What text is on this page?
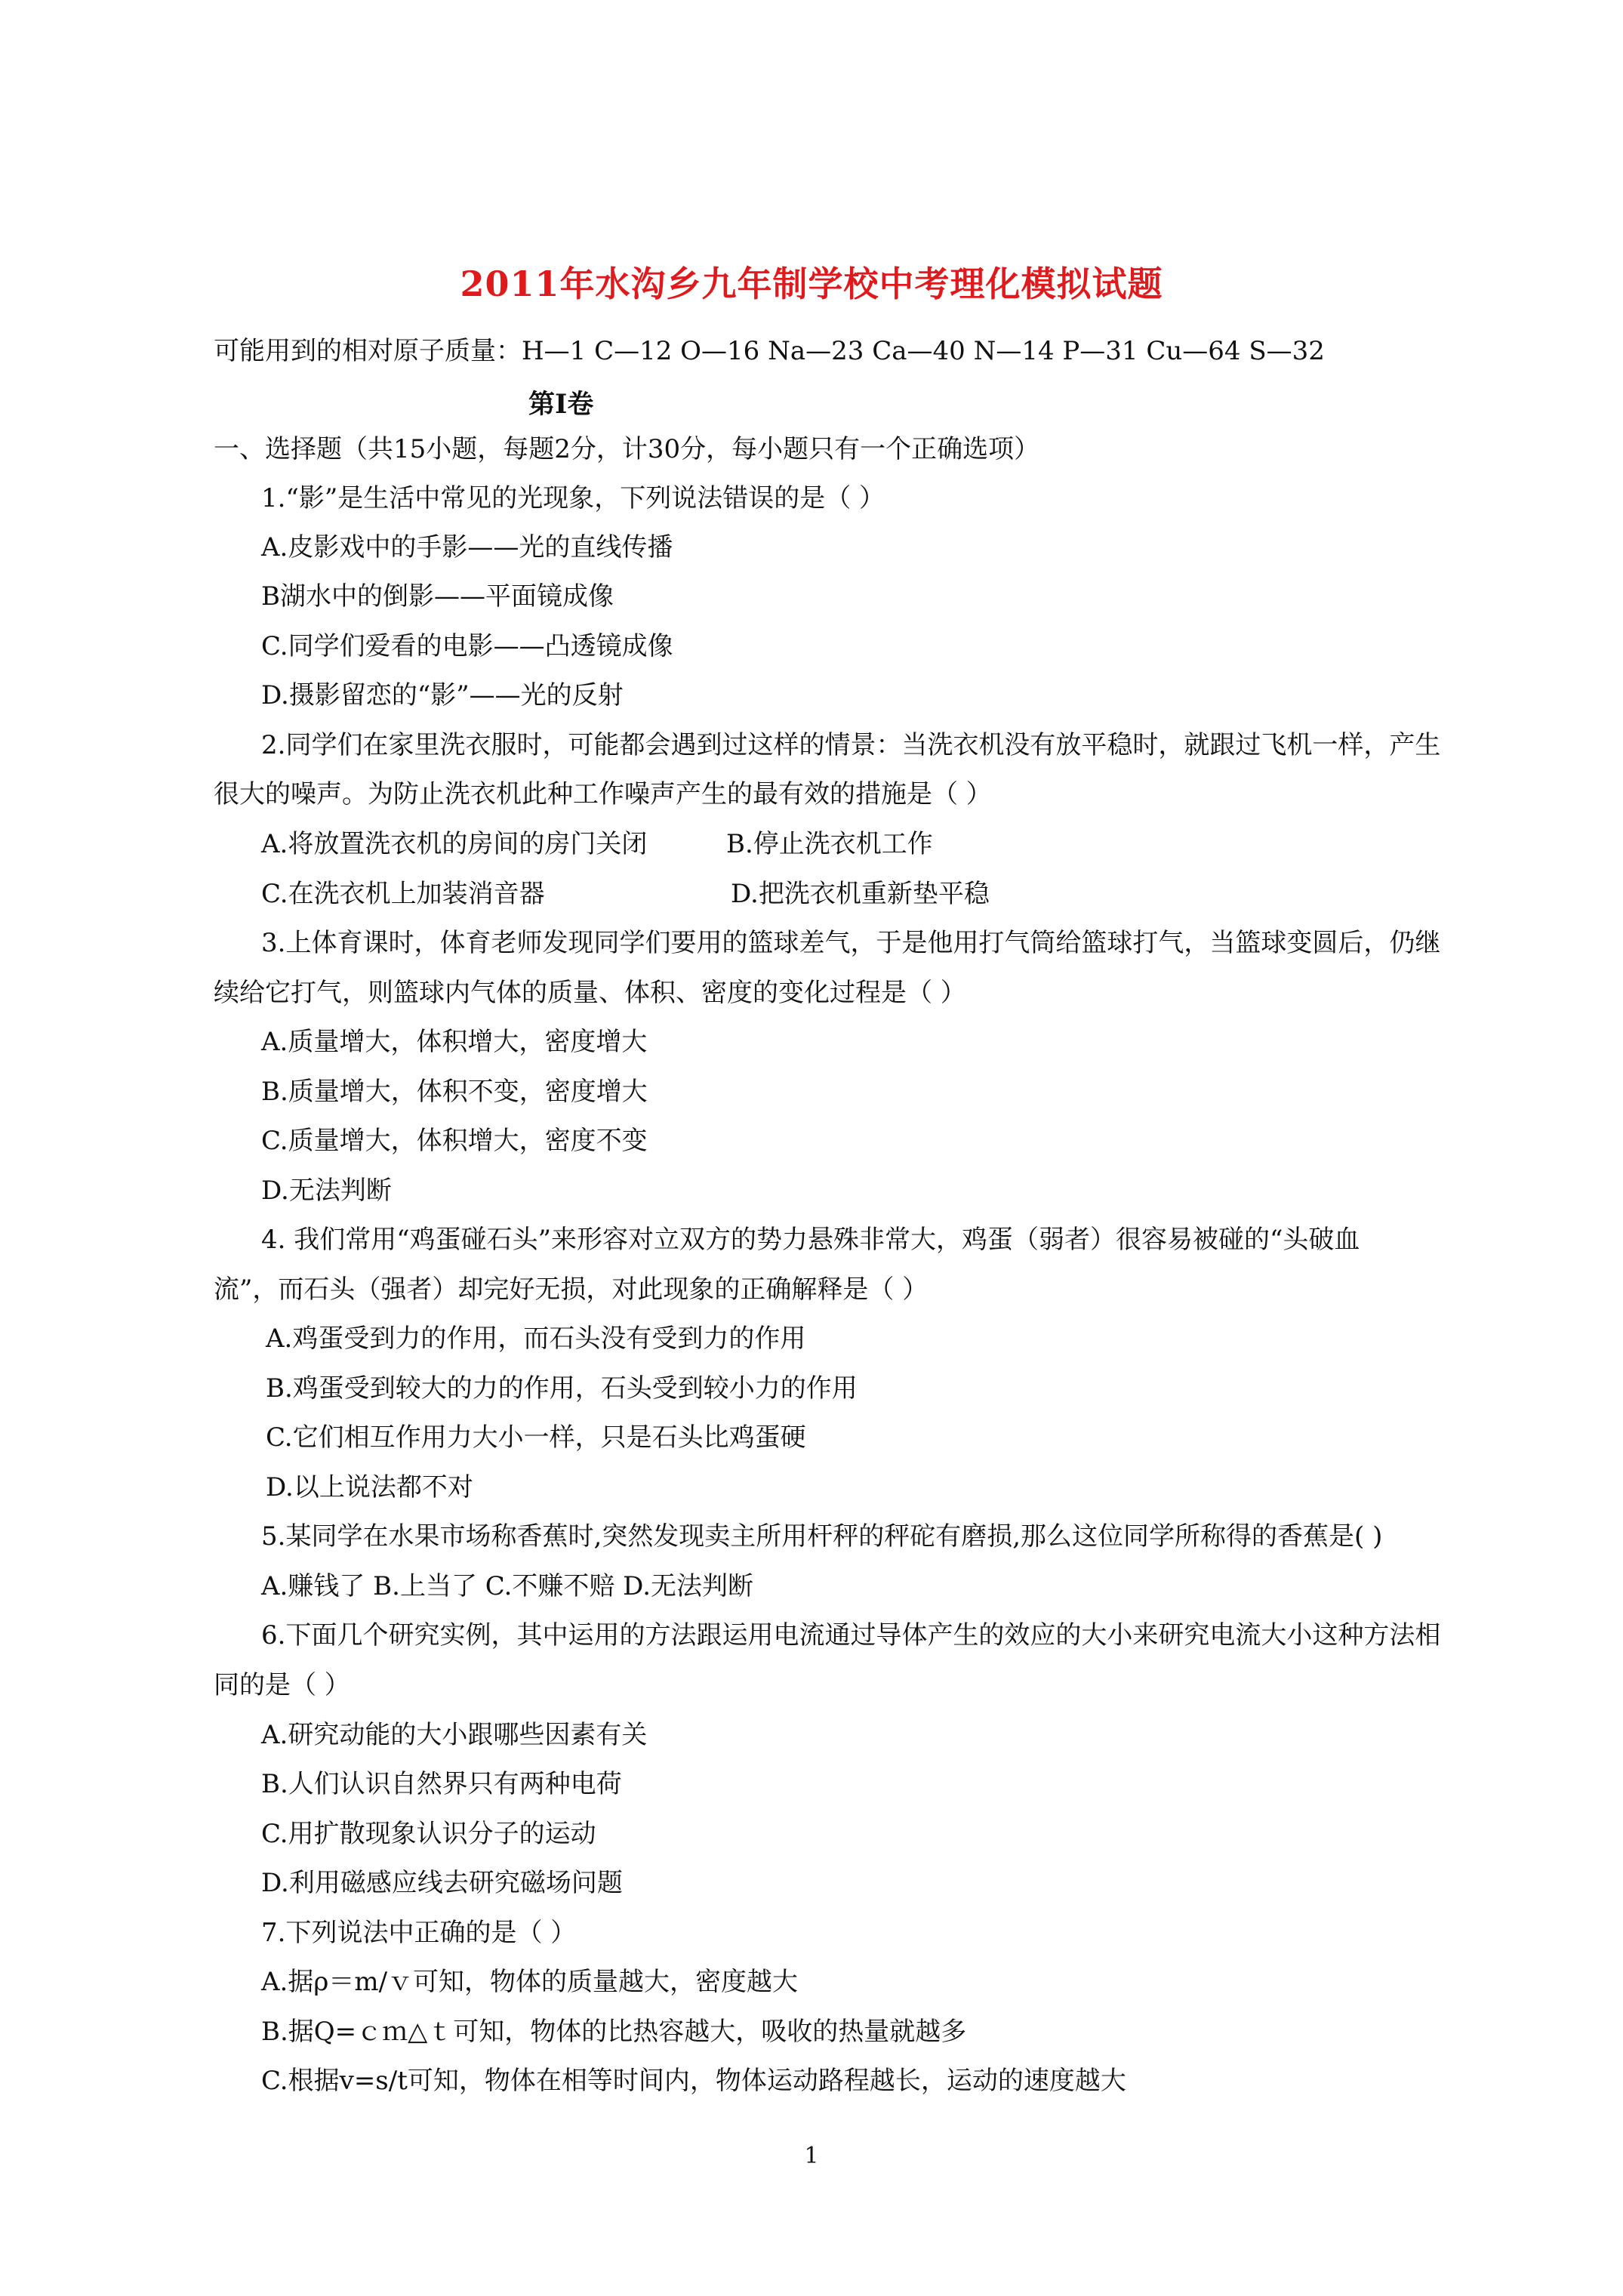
2011年水沟乡九年制学校中考理化模拟试题
可能用到的相对原子质量：H—1 C—12 O—16 Na—23 Ca—40 N—14 P—31 Cu—64 S—32
第Ⅰ卷
一、选择题（共15小题，每题2分，计30分，每小题只有一个正确选项）
1.“影”是生活中常见的光现象，下列说法错误的是（ ）
A.皮影戏中的手影——光的直线传播
B湖水中的倒影——平面镜成像
C.同学们爱看的电影——凸透镜成像
D.摄影留恋的“影”——光的反射
2.同学们在家里洗衣服时，可能都会遇到过这样的情景：当洗衣机没有放平稳时，就跟过飞机一样，产生
很大的噪声。为防止洗衣机此种工作噪声产生的最有效的措施是（ ）
A.将放置洗衣机的房间的房门关闭	B.停止洗衣机工作
C.在洗衣机上加装消音器	D.把洗衣机重新垫平稳
3.上体育课时，体育老师发现同学们要用的篮球差气，于是他用打气筒给篮球打气，当篮球变圆后，仍继
续给它打气，则篮球内气体的质量、体积、密度的变化过程是（ ）
A.质量增大，体积增大，密度增大
B.质量增大，体积不变，密度增大
C.质量增大，体积增大，密度不变
D.无法判断
4. 我们常用“鸡蛋碰石头”来形容对立双方的势力悬殊非常大，鸡蛋（弱者）很容易被碰的“头破血
流”，而石头（强者）却完好无损，对此现象的正确解释是（ ）
A.鸡蛋受到力的作用，而石头没有受到力的作用
B.鸡蛋受到较大的力的作用，石头受到较小力的作用
C.它们相互作用力大小一样，只是石头比鸡蛋硬
D.以上说法都不对
5.某同学在水果市场称香蕉时,突然发现卖主所用杆秤的秤砣有磨损,那么这位同学所称得的香蕉是( )
A.赚钱了 B.上当了 C.不赚不赔 D.无法判断
6.下面几个研究实例，其中运用的方法跟运用电流通过导体产生的效应的大小来研究电流大小这种方法相
同的是（ ）
A.研究动能的大小跟哪些因素有关
B.人们认识自然界只有两种电荷
C.用扩散现象认识分子的运动
D.利用磁感应线去研究磁场问题
7.下列说法中正确的是（ ）
A.据ρ＝m/ｖ可知，物体的质量越大，密度越大
B.据Q=ｃｍ△ｔ可知，物体的比热容越大，吸收的热量就越多
C.根据v=s/t可知，物体在相等时间内，物体运动路程越长，运动的速度越大
1
